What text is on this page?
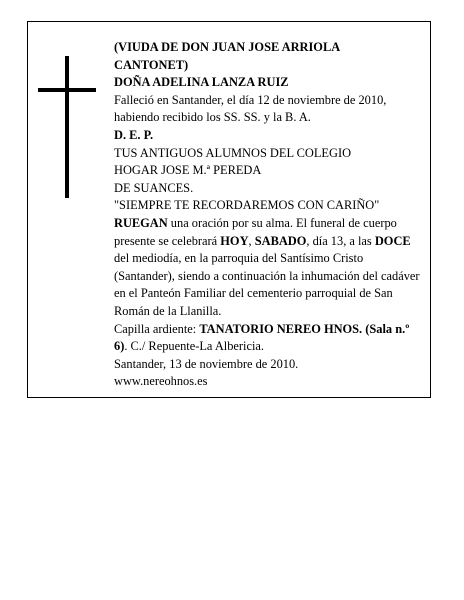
(VIUDA DE DON JUAN JOSE ARRIOLA

CANTONET)

DOÑA ADELINA LANZA RUIZ

Falleció en Santander, el día 12 de noviembre de 2010,

habiendo recibido los SS. SS. y la B. A.

D. E. P.

TUS ANTIGUOS ALUMNOS DEL COLEGIO

HOGAR JOSE M.ª PEREDA

DE SUANCES.

"SIEMPRE TE RECORDAREMOS CON CARIÑO"

RUEGAN una oración por su alma. El funeral de cuerpo presente se celebrará HOY, SABADO, día 13, a las DOCE del mediodía, en la parroquia del Santísimo Cristo (Santander), siendo a continuación la inhumación del cadáver en el Panteón Familiar del cementerio parroquial de San Román de la Llanilla.

Capilla ardiente: TANATORIO NEREO HNOS. (Sala n.º 6). C./ Repuente-La Albericia.

Santander, 13 de noviembre de 2010.

www.nereohnos.es
